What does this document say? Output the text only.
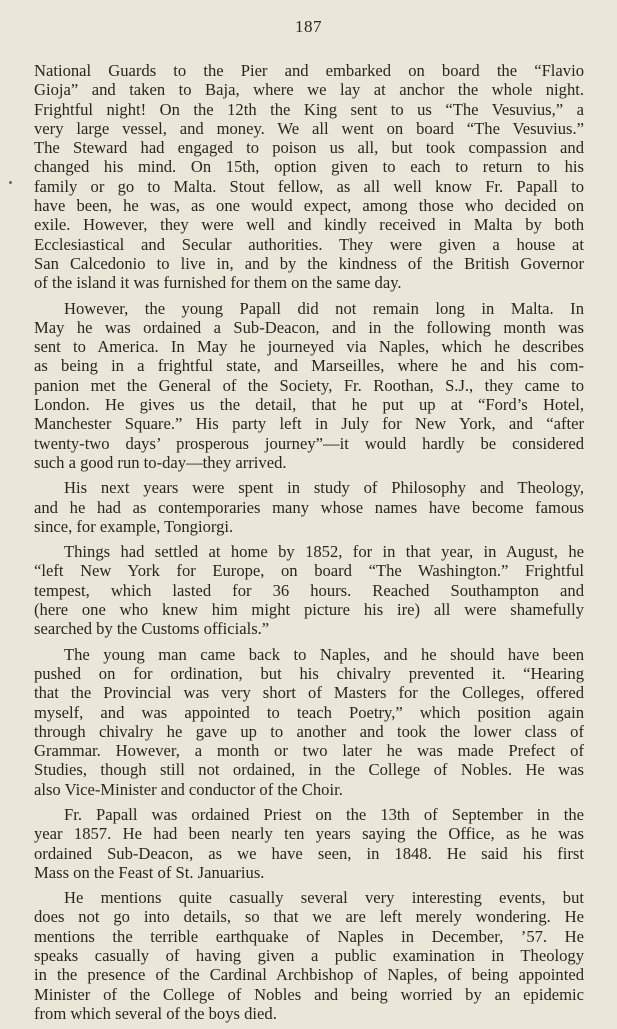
187
National Guards to the Pier and embarked on board the “Flavio
Gioja” and taken to Baja, where we lay at anchor the whole night.
Frightful night! On the 12th the King sent to us “The Vesuvius,” a
very large vessel, and money. We all went on board “The Vesuvius.”
The Steward had engaged to poison us all, but took compassion and
changed his mind. On 15th, option given to each to return to his
family or go to Malta. Stout fellow, as all well know Fr. Papall to
have been, he was, as one would expect, among those who decided on
exile. However, they were well and kindly received in Malta by both
Ecclesiastical and Secular authorities. They were given a house at
San Calcedonio to live in, and by the kindness of the British Governor
of the island it was furnished for them on the same day.
However, the young Papall did not remain long in Malta. In
May he was ordained a Sub-Deacon, and in the following month was
sent to America. In May he journeyed via Naples, which he describes
as being in a frightful state, and Marseilles, where he and his com-
panion met the General of the Society, Fr. Roothan, S.J., they came to
London. He gives us the detail, that he put up at “Ford’s Hotel,
Manchester Square.” His party left in July for New York, and “after
twenty-two days’ prosperous journey”—it would hardly be considered
such a good run to-day—they arrived.
His next years were spent in study of Philosophy and Theology,
and he had as contemporaries many whose names have become famous
since, for example, Tongiorgi.
Things had settled at home by 1852, for in that year, in August, he
“left New York for Europe, on board “The Washington.” Frightful
tempest, which lasted for 36 hours. Reached Southampton and
(here one who knew him might picture his ire) all were shamefully
searched by the Customs officials.”
The young man came back to Naples, and he should have been
pushed on for ordination, but his chivalry prevented it. “Hearing
that the Provincial was very short of Masters for the Colleges, offered
myself, and was appointed to teach Poetry,” which position again
through chivalry he gave up to another and took the lower class of
Grammar. However, a month or two later he was made Prefect of
Studies, though still not ordained, in the College of Nobles. He was
also Vice-Minister and conductor of the Choir.
Fr. Papall was ordained Priest on the 13th of September in the
year 1857. He had been nearly ten years saying the Office, as he was
ordained Sub-Deacon, as we have seen, in 1848. He said his first
Mass on the Feast of St. Januarius.
He mentions quite casually several very interesting events, but
does not go into details, so that we are left merely wondering. He
mentions the terrible earthquake of Naples in December, ’57. He
speaks casually of having given a public examination in Theology
in the presence of the Cardinal Archbishop of Naples, of being appointed
Minister of the College of Nobles and being worried by an epidemic
from which several of the boys died.
